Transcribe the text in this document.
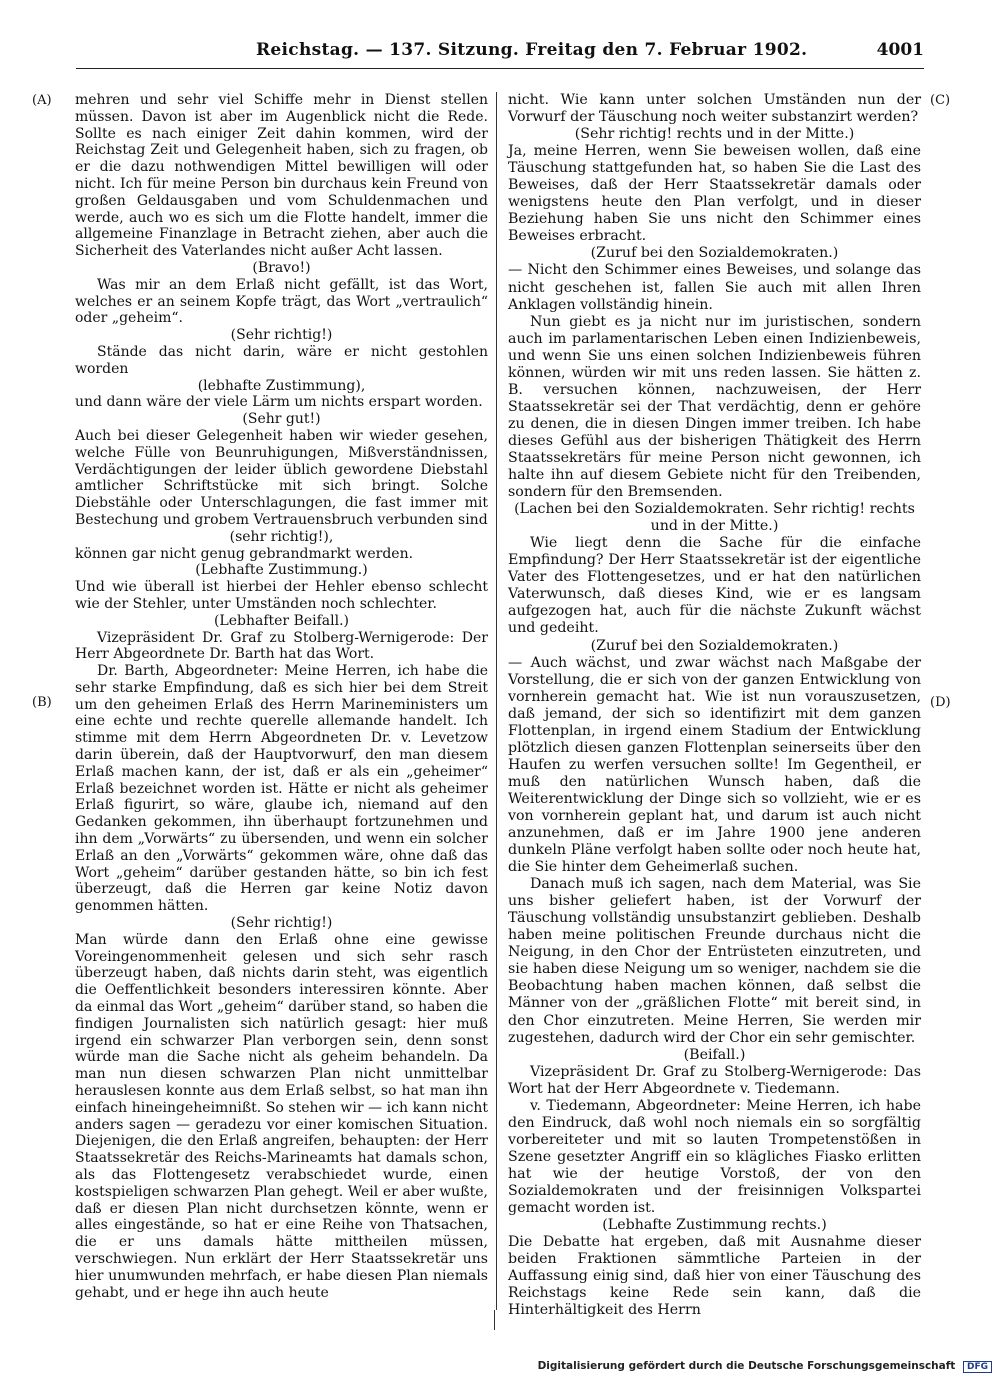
Reichstag. — 137. Sitzung. Freitag den 7. Februar 1902.	4001
(A)
(B)
(C)
(D)

mehren und sehr viel Schiffe mehr in Dienst stellen müssen. Davon ist aber im Augenblick nicht die Rede. Sollte es nach einiger Zeit dahin kommen, wird der Reichstag Zeit und Gelegenheit haben, sich zu fragen, ob er die dazu nothwendigen Mittel bewilligen will oder nicht. Ich für meine Person bin durchaus kein Freund von großen Geldausgaben und vom Schuldenmachen und werde, auch wo es sich um die Flotte handelt, immer die allgemeine Finanzlage in Betracht ziehen, aber auch die Sicherheit des Vaterlandes nicht außer Acht lassen.

(Bravo!)

Was mir an dem Erlaß nicht gefällt, ist das Wort, welches er an seinem Kopfe trägt, das Wort „vertraulich“ oder „geheim“.

(Sehr richtig!)

Stände das nicht darin, wäre er nicht gestohlen worden

(lebhafte Zustimmung),

und dann wäre der viele Lärm um nichts erspart worden.

(Sehr gut!)

Auch bei dieser Gelegenheit haben wir wieder gesehen, welche Fülle von Beunruhigungen, Mißverständnissen, Verdächtigungen der leider üblich gewordene Diebstahl amtlicher Schriftstücke mit sich bringt. Solche Diebstähle oder Unterschlagungen, die fast immer mit Bestechung und grobem Vertrauensbruch verbunden sind

(sehr richtig!),

können gar nicht genug gebrandmarkt werden.

(Lebhafte Zustimmung.)

Und wie überall ist hierbei der Hehler ebenso schlecht wie der Stehler, unter Umständen noch schlechter.

(Lebhafter Beifall.)

Vizepräsident Dr. Graf zu Stolberg-Wernigerode: Der Herr Abgeordnete Dr. Barth hat das Wort.

Dr. Barth, Abgeordneter: Meine Herren, ich habe die sehr starke Empfindung, daß es sich hier bei dem Streit um den geheimen Erlaß des Herrn Marineministers um eine echte und rechte querelle allemande handelt. Ich stimme mit dem Herrn Abgeordneten Dr. v. Levetzow darin überein, daß der Hauptvorwurf, den man diesem Erlaß machen kann, der ist, daß er als ein „geheimer“ Erlaß bezeichnet worden ist. Hätte er nicht als geheimer Erlaß figurirt, so wäre, glaube ich, niemand auf den Gedanken gekommen, ihn überhaupt fortzunehmen und ihn dem „Vorwärts“ zu übersenden, und wenn ein solcher Erlaß an den „Vorwärts“ gekommen wäre, ohne daß das Wort „geheim“ darüber gestanden hätte, so bin ich fest überzeugt, daß die Herren gar keine Notiz davon genommen hätten.

(Sehr richtig!)

Man würde dann den Erlaß ohne eine gewisse Voreingenommenheit gelesen und sich sehr rasch überzeugt haben, daß nichts darin steht, was eigentlich die Oeffentlichkeit besonders interessiren könnte. Aber da einmal das Wort „geheim“ darüber stand, so haben die findigen Journalisten sich natürlich gesagt: hier muß irgend ein schwarzer Plan verborgen sein, denn sonst würde man die Sache nicht als geheim behandeln. Da man nun diesen schwarzen Plan nicht unmittelbar herauslesen konnte aus dem Erlaß selbst, so hat man ihn einfach hineingeheimnißt. So stehen wir — ich kann nicht anders sagen — geradezu vor einer komischen Situation. Diejenigen, die den Erlaß angreifen, behaupten: der Herr Staatssekretär des Reichs-Marineamts hat damals schon, als das Flottengesetz verabschiedet wurde, einen kostspieligen schwarzen Plan gehegt. Weil er aber wußte, daß er diesen Plan nicht durchsetzen könnte, wenn er alles eingestände, so hat er eine Reihe von Thatsachen, die er uns damals hätte mittheilen müssen, verschwiegen. Nun erklärt der Herr Staatssekretär uns hier unumwunden mehrfach, er habe diesen Plan niemals gehabt, und er hege ihn auch heute

nicht. Wie kann unter solchen Umständen nun der Vorwurf der Täuschung noch weiter substanzirt werden?

(Sehr richtig! rechts und in der Mitte.)

Ja, meine Herren, wenn Sie beweisen wollen, daß eine Täuschung stattgefunden hat, so haben Sie die Last des Beweises, daß der Herr Staatssekretär damals oder wenigstens heute den Plan verfolgt, und in dieser Beziehung haben Sie uns nicht den Schimmer eines Beweises erbracht.

(Zuruf bei den Sozialdemokraten.)

— Nicht den Schimmer eines Beweises, und solange das nicht geschehen ist, fallen Sie auch mit allen Ihren Anklagen vollständig hinein.

Nun giebt es ja nicht nur im juristischen, sondern auch im parlamentarischen Leben einen Indizienbeweis, und wenn Sie uns einen solchen Indizienbeweis führen können, würden wir mit uns reden lassen. Sie hätten z. B. versuchen können, nachzuweisen, der Herr Staatssekretär sei der That verdächtig, denn er gehöre zu denen, die in diesen Dingen immer treiben. Ich habe dieses Gefühl aus der bisherigen Thätigkeit des Herrn Staatssekretärs für meine Person nicht gewonnen, ich halte ihn auf diesem Gebiete nicht für den Treibenden, sondern für den Bremsenden.

(Lachen bei den Sozialdemokraten. Sehr richtig! rechts und in der Mitte.)

Wie liegt denn die Sache für die einfache Empfindung? Der Herr Staatssekretär ist der eigentliche Vater des Flottengesetzes, und er hat den natürlichen Vaterwunsch, daß dieses Kind, wie er es langsam aufgezogen hat, auch für die nächste Zukunft wächst und gedeiht.

(Zuruf bei den Sozialdemokraten.)

— Auch wächst, und zwar wächst nach Maßgabe der Vorstellung, die er sich von der ganzen Entwicklung von vornherein gemacht hat. Wie ist nun vorauszusetzen, daß jemand, der sich so identifizirt mit dem ganzen Flottenplan, in irgend einem Stadium der Entwicklung plötzlich diesen ganzen Flottenplan seinerseits über den Haufen zu werfen versuchen sollte! Im Gegentheil, er muß den natürlichen Wunsch haben, daß die Weiterentwicklung der Dinge sich so vollzieht, wie er es von vornherein geplant hat, und darum ist auch nicht anzunehmen, daß er im Jahre 1900 jene anderen dunkeln Pläne verfolgt haben sollte oder noch heute hat, die Sie hinter dem Geheimerlaß suchen.

Danach muß ich sagen, nach dem Material, was Sie uns bisher geliefert haben, ist der Vorwurf der Täuschung vollständig unsubstanzirt geblieben. Deshalb haben meine politischen Freunde durchaus nicht die Neigung, in den Chor der Entrüsteten einzutreten, und sie haben diese Neigung um so weniger, nachdem sie die Beobachtung haben machen können, daß selbst die Männer von der „gräßlichen Flotte“ mit bereit sind, in den Chor einzutreten. Meine Herren, Sie werden mir zugestehen, dadurch wird der Chor ein sehr gemischter.

(Beifall.)

Vizepräsident Dr. Graf zu Stolberg-Wernigerode: Das Wort hat der Herr Abgeordnete v. Tiedemann.

v. Tiedemann, Abgeordneter: Meine Herren, ich habe den Eindruck, daß wohl noch niemals ein so sorgfältig vorbereiteter und mit so lauten Trompetenstößen in Szene gesetzter Angriff ein so klägliches Fiasko erlitten hat wie der heutige Vorstoß, der von den Sozialdemokraten und der freisinnigen Volkspartei gemacht worden ist.

(Lebhafte Zustimmung rechts.)

Die Debatte hat ergeben, daß mit Ausnahme dieser beiden Fraktionen sämmtliche Parteien in der Auffassung einig sind, daß hier von einer Täuschung des Reichstags keine Rede sein kann, daß die Hinterhältigkeit des Herrn

Digitalisierung gefördert durch die Deutsche Forschungsgemeinschaft DFG
